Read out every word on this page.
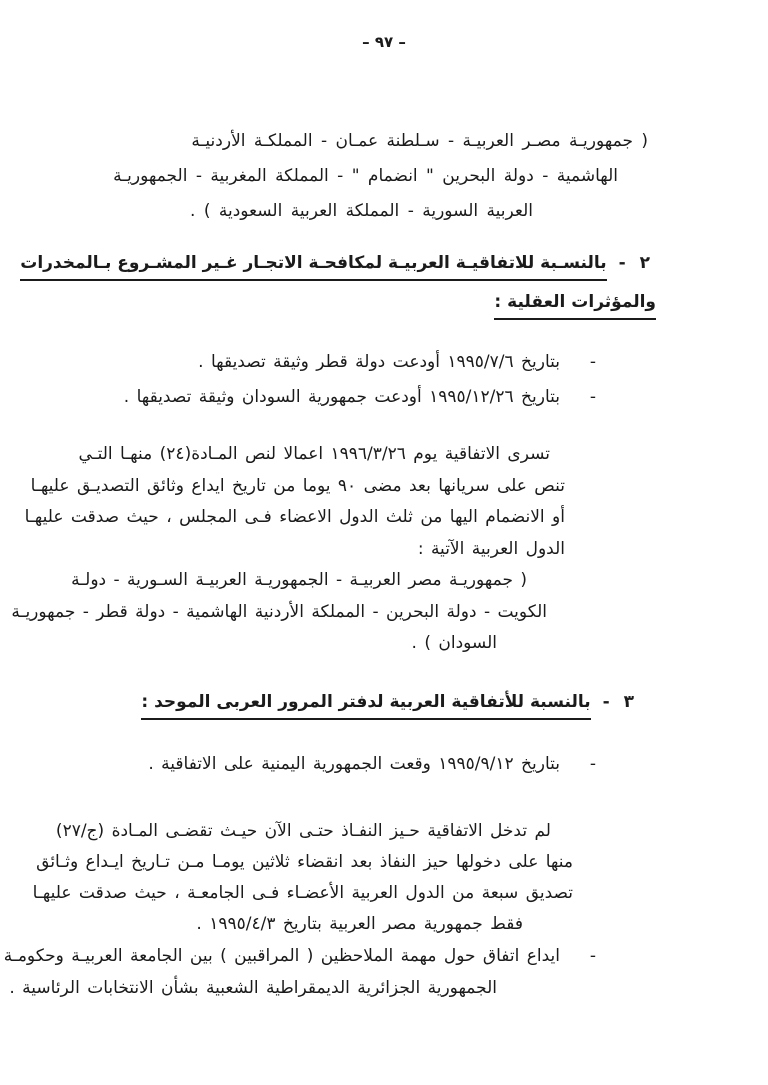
– ٩٧ –
( جمهوريـة مصـر العربيـة - سـلطنة عمـان - المملكـة الأردنيـة
الهاشمية - دولة البحرين " انضمام " - المملكة المغربية - الجمهوريـة
العربية السورية - المملكة العربية السعودية ) .
٢ -
بالنسـبة للاتفاقيـة العربيـة لمكافحـة الاتجـار غـير المشـروع بـالمخدرات
والمؤثرات العقلية :
-
بتاريخ ١٩٩٥/٧/٦ أودعت دولة قطر وثيقة تصديقها .
-
بتاريخ ١٩٩٥/١٢/٢٦ أودعت جمهورية السودان وثيقة تصديقها .
تسرى الاتفاقية يوم ١٩٩٦/٣/٢٦ اعمالا لنص المـادة(٢٤) منهـا التـي
تنص على سريانها بعد مضى ٩٠ يوما من تاريخ ايداع وثائق التصديـق عليهـا
أو الانضمام اليها من ثلث الدول الاعضاء فـى المجلس ، حيث صدقت عليهـا
الدول العربية الآتية :
( جمهوريـة مصر العربيـة - الجمهوريـة العربيـة السـورية - دولـة
الكويت - دولة البحرين - المملكة الأردنية الهاشمية - دولة قطر - جمهوريـة
السودان ) .
٣ -
بالنسبة للأتفاقية العربية لدفتر المرور العربى الموحد :
-
بتاريخ ١٩٩٥/٩/١٢ وقعت الجمهورية اليمنية على الاتفاقية .
لم تدخل الاتفاقية حـيز النفـاذ حتـى الآن حيـث تقضـى المـادة (ج/٢٧)
منها على دخولها حيز النفاذ بعد انقضاء ثلاثين يومـا مـن تـاريخ ايـداع وثـائق
تصديق سبعة من الدول العربية الأعضـاء فـى الجامعـة ، حيث صدقت عليهـا
فقط جمهورية مصر العربية بتاريخ ١٩٩٥/٤/٣ .
-
ايداع اتفاق حول مهمة الملاحظين ( المراقبين ) بين الجامعة العربيـة وحكومـة
الجمهورية الجزائرية الديمقراطية الشعبية بشأن الانتخابات الرئاسية .
